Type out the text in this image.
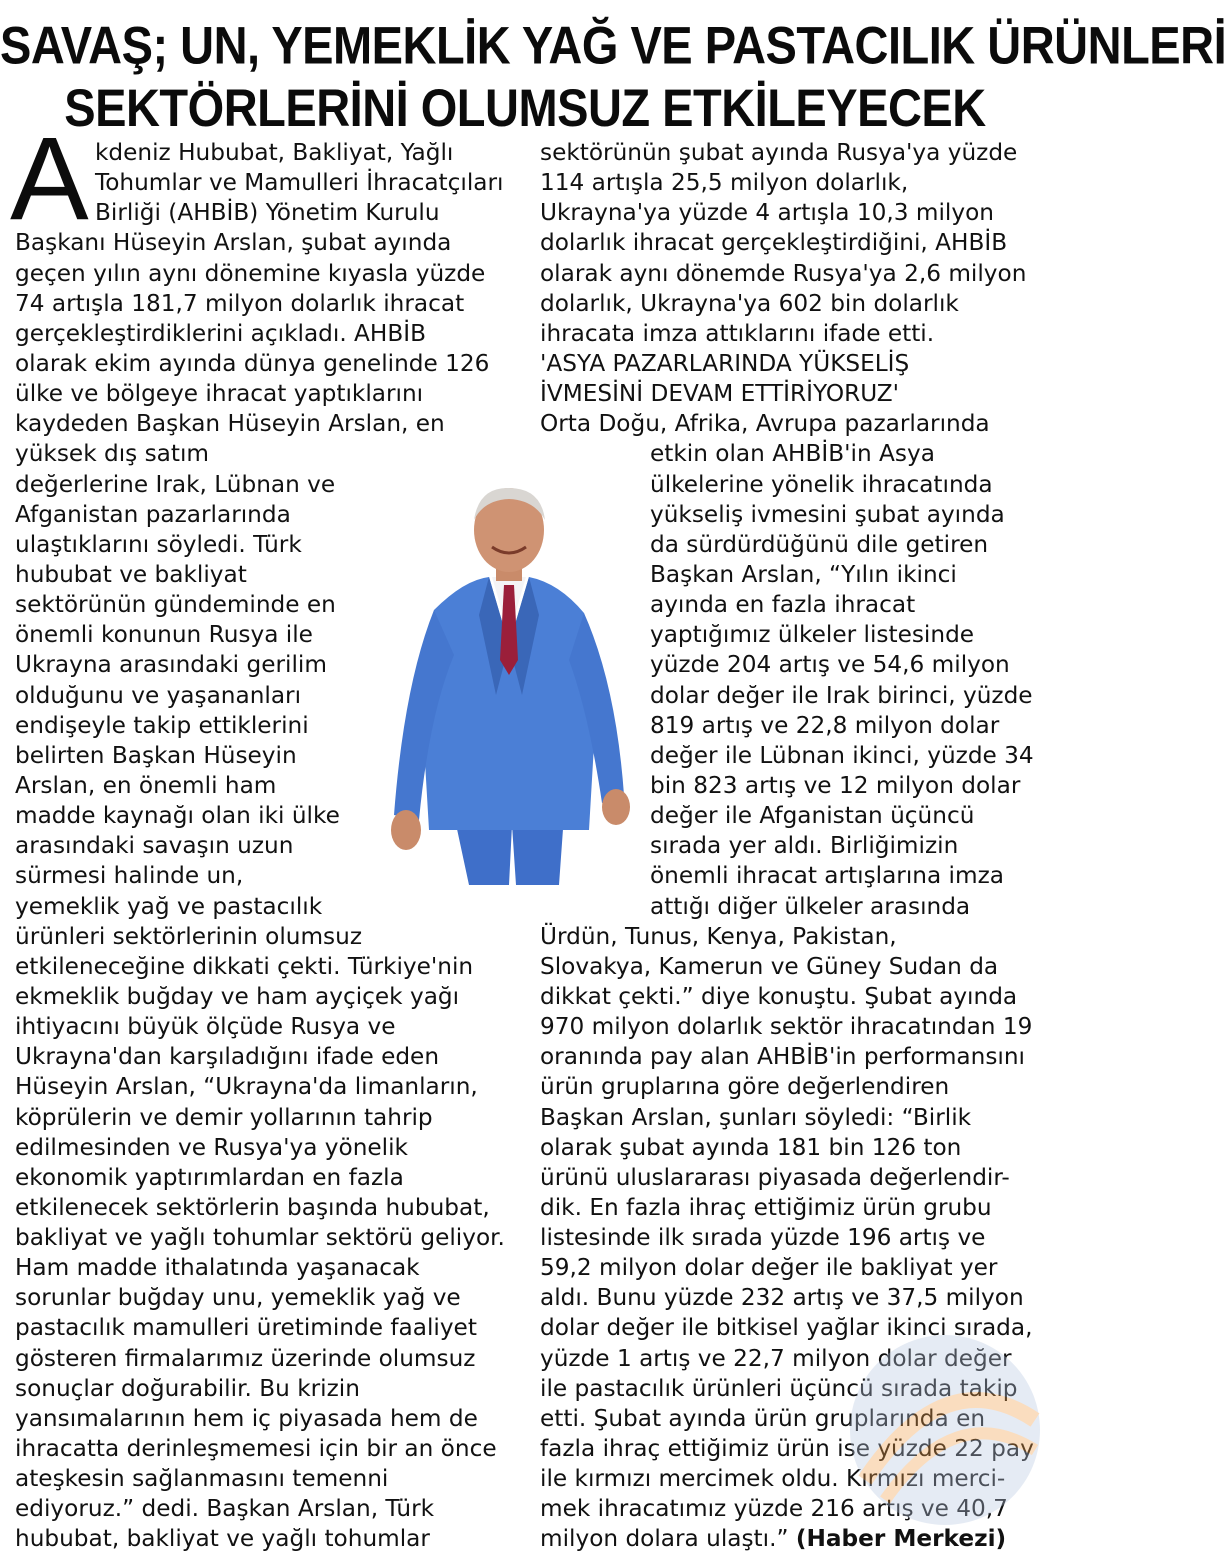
SAVAŞ; UN, YEMEKLİK YAĞ VE PASTACILIK ÜRÜNLERİ
SEKTÖRLERİNİ OLUMSUZ ETKİLEYECEK
A kdeniz Hububat, Bakliyat, Yağlı
Tohumlar ve Mamulleri İhracatçıları
Birliği (AHBİB) Yönetim Kurulu
Başkanı Hüseyin Arslan, şubat ayında
geçen yılın aynı dönemine kıyasla yüzde
74 artışla 181,7 milyon dolarlık ihracat
gerçekleştirdiklerini açıkladı. AHBİB
olarak ekim ayında dünya genelinde 126
ülke ve bölgeye ihracat yaptıklarını
kaydeden Başkan Hüseyin Arslan, en
yüksek dış satım
değerlerine Irak, Lübnan ve
Afganistan pazarlarında
ulaştıklarını söyledi. Türk
hububat ve bakliyat
sektörünün gündeminde en
önemli konunun Rusya ile
Ukrayna arasındaki gerilim
olduğunu ve yaşananları
endişeyle takip ettiklerini
belirten Başkan Hüseyin
Arslan, en önemli ham
madde kaynağı olan iki ülke
arasındaki savaşın uzun
sürmesi halinde un,
yemeklik yağ ve pastacılık
ürünleri sektörlerinin olumsuz
etkileneceğine dikkati çekti. Türkiye'nin
ekmeklik buğday ve ham ayçiçek yağı
ihtiyacını büyük ölçüde Rusya ve
Ukrayna'dan karşıladığını ifade eden
Hüseyin Arslan, “Ukrayna'da limanların,
köprülerin ve demir yollarının tahrip
edilmesinden ve Rusya'ya yönelik
ekonomik yaptırımlardan en fazla
etkilenecek sektörlerin başında hububat,
bakliyat ve yağlı tohumlar sektörü geliyor.
Ham madde ithalatında yaşanacak
sorunlar buğday unu, yemeklik yağ ve
pastacılık mamulleri üretiminde faaliyet
gösteren firmalarımız üzerinde olumsuz
sonuçlar doğurabilir. Bu krizin
yansımalarının hem iç piyasada hem de
ihracatta derinleşmemesi için bir an önce
ateşkesin sağlanmasını temenni
ediyoruz.” dedi. Başkan Arslan, Türk
hububat, bakliyat ve yağlı tohumlar
sektörünün şubat ayında Rusya'ya yüzde
114 artışla 25,5 milyon dolarlık,
Ukrayna'ya yüzde 4 artışla 10,3 milyon
dolarlık ihracat gerçekleştirdiğini, AHBİB
olarak aynı dönemde Rusya'ya 2,6 milyon
dolarlık, Ukrayna'ya 602 bin dolarlık
ihracata imza attıklarını ifade etti.
'ASYA PAZARLARINDA YÜKSELİŞ
İVMESİNİ DEVAM ETTİRİYORUZ'
Orta Doğu, Afrika, Avrupa pazarlarında
etkin olan AHBİB'in Asya
ülkelerine yönelik ihracatında
yükseliş ivmesini şubat ayında
da sürdürdüğünü dile getiren
Başkan Arslan, “Yılın ikinci
ayında en fazla ihracat
yaptığımız ülkeler listesinde
yüzde 204 artış ve 54,6 milyon
dolar değer ile Irak birinci, yüzde
819 artış ve 22,8 milyon dolar
değer ile Lübnan ikinci, yüzde 34
bin 823 artış ve 12 milyon dolar
değer ile Afganistan üçüncü
sırada yer aldı. Birliğimizin
önemli ihracat artışlarına imza
attığı diğer ülkeler arasında
Ürdün, Tunus, Kenya, Pakistan,
Slovakya, Kamerun ve Güney Sudan da
dikkat çekti.” diye konuştu. Şubat ayında
970 milyon dolarlık sektör ihracatından 19
oranında pay alan AHBİB'in performansını
ürün gruplarına göre değerlendiren
Başkan Arslan, şunları söyledi: “Birlik
olarak şubat ayında 181 bin 126 ton
ürünü uluslararası piyasada değerlendir-
dik. En fazla ihraç ettiğimiz ürün grubu
listesinde ilk sırada yüzde 196 artış ve
59,2 milyon dolar değer ile bakliyat yer
aldı. Bunu yüzde 232 artış ve 37,5 milyon
dolar değer ile bitkisel yağlar ikinci sırada,
yüzde 1 artış ve 22,7 milyon dolar değer
ile pastacılık ürünleri üçüncü sırada takip
etti. Şubat ayında ürün gruplarında en
fazla ihraç ettiğimiz ürün ise yüzde 22 pay
ile kırmızı mercimek oldu. Kırmızı merci-
mek ihracatımız yüzde 216 artış ve 40,7
milyon dolara ulaştı.” (Haber Merkezi)
